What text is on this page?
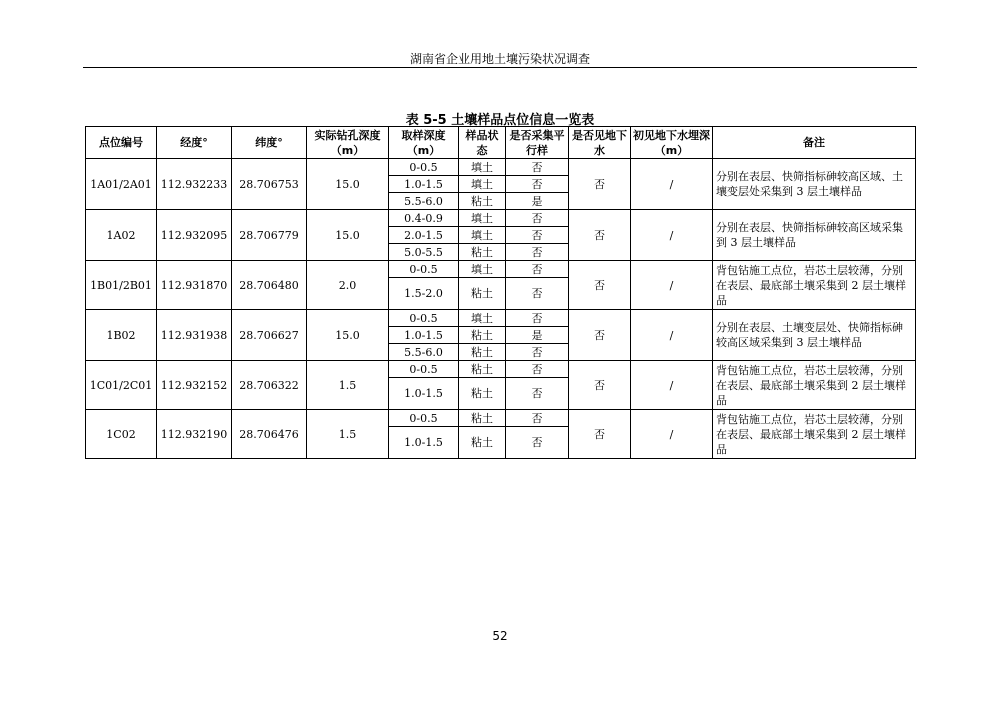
湖南省企业用地土壤污染状况调查
表 5-5 土壤样品点位信息一览表
点位编号	经度°	纬度°	实际钻孔深度（m）	取样深度（m）	样品状态	是否采集平行样	是否见地下水	初见地下水埋深（m）	备注
1A01/2A01	112.932233	28.706753	15.0	0-0.5	填土	否	否	/	分别在表层、快筛指标砷较高区域、土壤变层处采集到 3 层土壤样品
				1.0-1.5	填土	否			
				5.5-6.0	粘土	是			
1A02	112.932095	28.706779	15.0	0.4-0.9	填土	否	否	/	分别在表层、快筛指标砷较高区域采集到 3 层土壤样品
				2.0-1.5	填土	否			
				5.0-5.5	粘土	否			
1B01/2B01	112.931870	28.706480	2.0	0-0.5	填土	否	否	/	背包钻施工点位，岩芯土层较薄，分别在表层、最底部土壤采集到 2 层土壤样品
				1.5-2.0	粘土	否			
1B02	112.931938	28.706627	15.0	0-0.5	填土	否	否	/	分别在表层、土壤变层处、快筛指标砷较高区域采集到 3 层土壤样品
				1.0-1.5	粘土	是			
				5.5-6.0	粘土	否			
1C01/2C01	112.932152	28.706322	1.5	0-0.5	粘土	否	否	/	背包钻施工点位，岩芯土层较薄，分别在表层、最底部土壤采集到 2 层土壤样品
				1.0-1.5	粘土	否			
1C02	112.932190	28.706476	1.5	0-0.5	粘土	否	否	/	背包钻施工点位，岩芯土层较薄，分别在表层、最底部土壤采集到 2 层土壤样品
				1.0-1.5	粘土	否			
52
